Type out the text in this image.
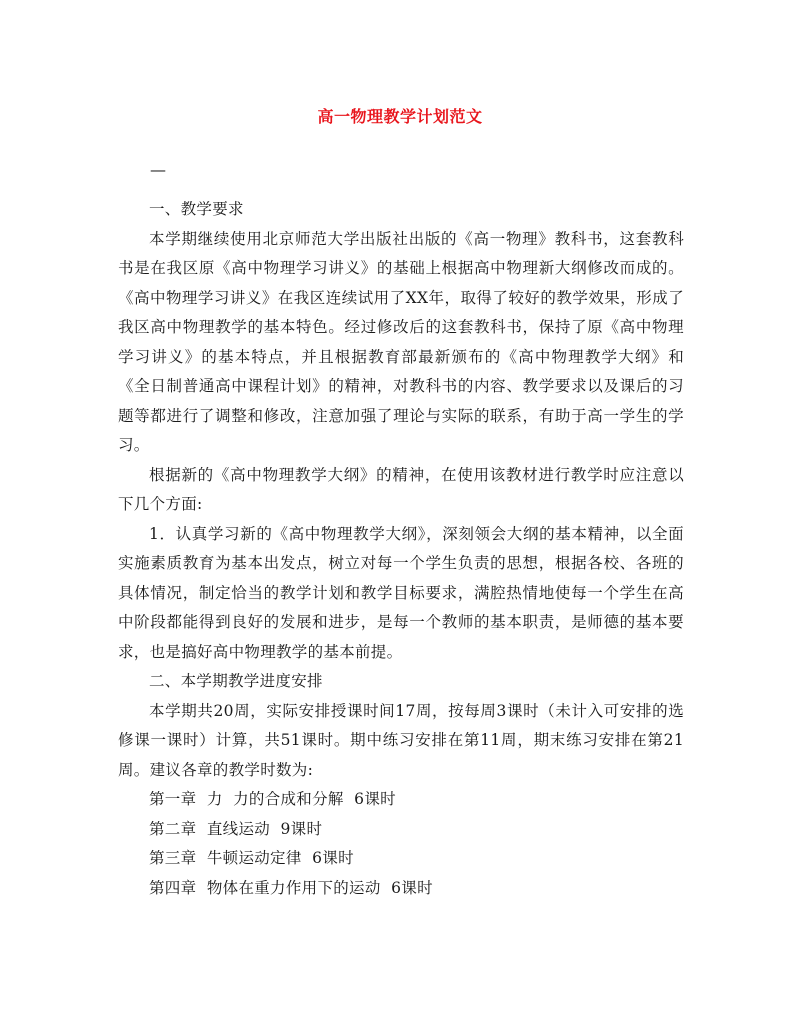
高一物理教学计划范文
—

一、教学要求

本学期继续使用北京师范大学出版社出版的《高一物理》教科书，这套教科书是在我区原《高中物理学习讲义》的基础上根据高中物理新大纲修改而成的。《高中物理学习讲义》在我区连续试用了XX年，取得了较好的教学效果，形成了我区高中物理教学的基本特色。经过修改后的这套教科书，保持了原《高中物理学习讲义》的基本特点，并且根据教育部最新颁布的《高中物理教学大纲》和《全日制普通高中课程计划》的精神，对教科书的内容、教学要求以及课后的习题等都进行了调整和修改，注意加强了理论与实际的联系，有助于高一学生的学习。

根据新的《高中物理教学大纲》的精神，在使用该教材进行教学时应注意以下几个方面:

1．认真学习新的《高中物理教学大纲》，深刻领会大纲的基本精神，以全面实施素质教育为基本出发点，树立对每一个学生负责的思想，根据各校、各班的具体情况，制定恰当的教学计划和教学目标要求，满腔热情地使每一个学生在高中阶段都能得到良好的发展和进步，是每一个教师的基本职责，是师德的基本要求，也是搞好高中物理教学的基本前提。

二、本学期教学进度安排

本学期共20周，实际安排授课时间17周，按每周3课时（未计入可安排的选修课一课时）计算，共51课时。期中练习安排在第11周，期末练习安排在第21周。建议各章的教学时数为:

第一章  力  力的合成和分解  6课时

第二章  直线运动  9课时

第三章  牛顿运动定律  6课时

第四章  物体在重力作用下的运动  6课时
